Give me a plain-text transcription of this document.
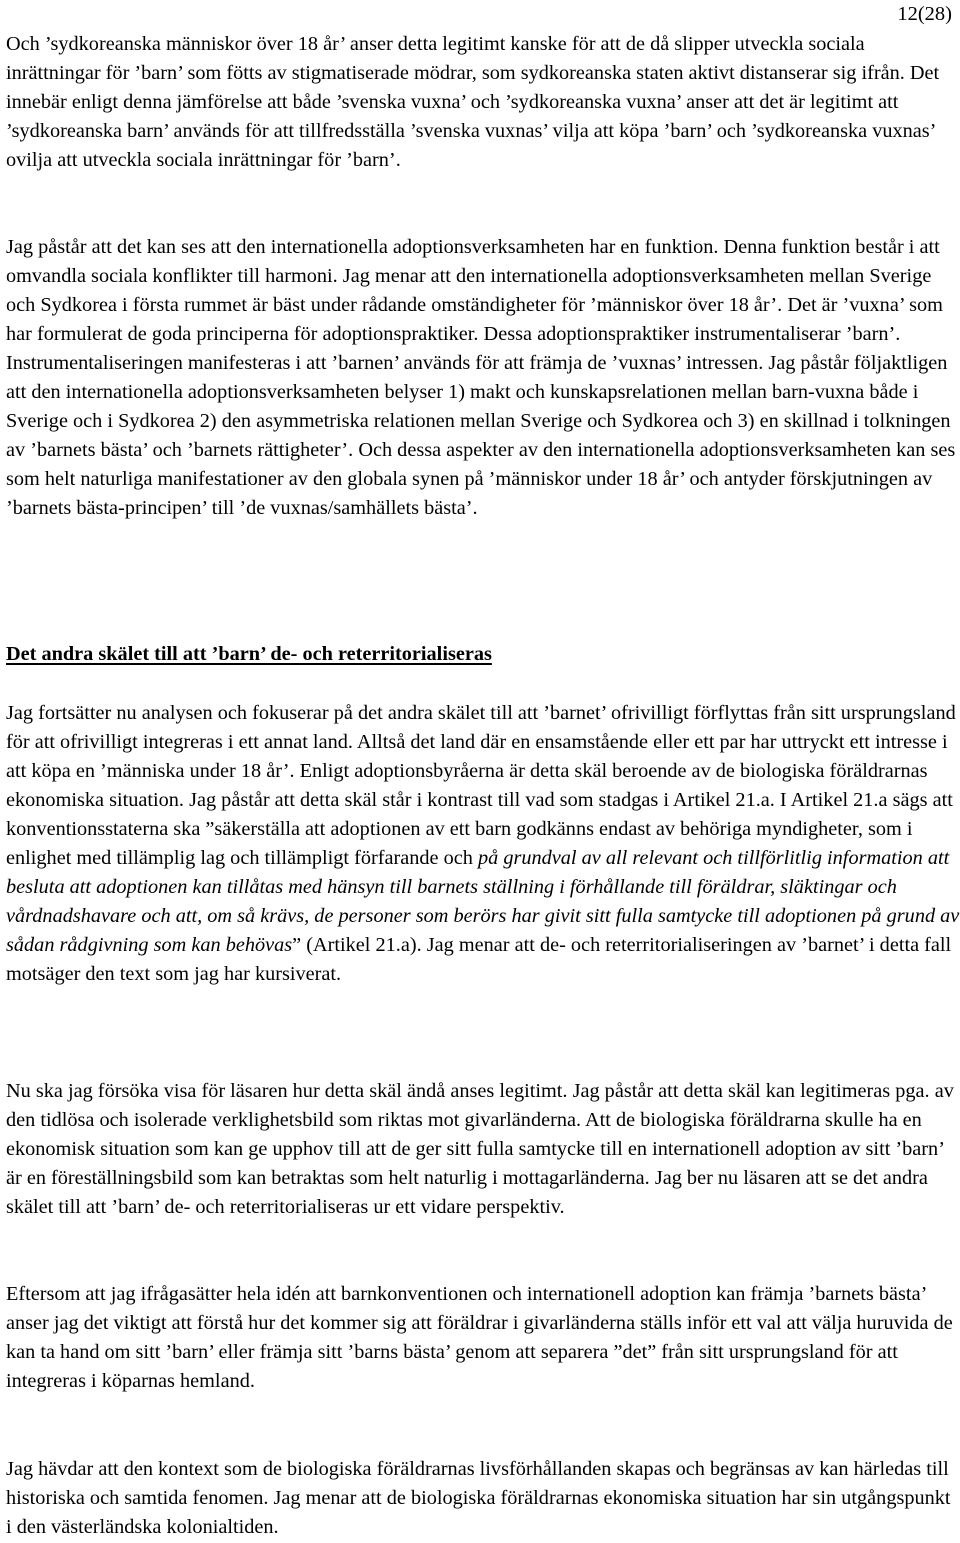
12(28)

Och ’sydkoreanska människor över 18 år’ anser detta legitimt kanske för att de då slipper utveckla sociala inrättningar för ’barn’ som fötts av stigmatiserade mödrar, som sydkoreanska staten aktivt distanserar sig ifrån. Det innebär enligt denna jämförelse att både ’svenska vuxna’ och ’sydkoreanska vuxna’ anser att det är legitimt att ’sydkoreanska barn’ används för att tillfredsställa ’svenska vuxnas’ vilja att köpa ’barn’ och ’sydkoreanska vuxnas’ ovilja att utveckla sociala inrättningar för ’barn’.

Jag påstår att det kan ses att den internationella adoptionsverksamheten har en funktion. Denna funktion består i att omvandla sociala konflikter till harmoni. Jag menar att den internationella adoptionsverksamheten mellan Sverige och Sydkorea i första rummet är bäst under rådande omständigheter för ’människor över 18 år’. Det är ’vuxna’ som har formulerat de goda principerna för adoptionspraktiker. Dessa adoptionspraktiker instrumentaliserar ’barn’. Instrumentaliseringen manifesteras i att ’barnen’ används för att främja de ’vuxnas’ intressen. Jag påstår följaktligen att den internationella adoptionsverksamheten belyser 1) makt och kunskapsrelationen mellan barn-vuxna både i Sverige och i Sydkorea 2) den asymmetriska relationen mellan Sverige och Sydkorea och 3) en skillnad i tolkningen av ’barnets bästa’ och ’barnets rättigheter’. Och dessa aspekter av den internationella adoptionsverksamheten kan ses som helt naturliga manifestationer av den globala synen på ’människor under 18 år’ och antyder förskjutningen av ’barnets bästa-principen’ till ’de vuxnas/samhällets bästa’.

Det andra skälet till att ’barn’ de- och reterritorialiseras

Jag fortsätter nu analysen och fokuserar på det andra skälet till att ’barnet’ ofrivilligt förflyttas från sitt ursprungsland för att ofrivilligt integreras i ett annat land. Alltså det land där en ensamstående eller ett par har uttryckt ett intresse i att köpa en ’människa under 18 år’. Enligt adoptionsbyråerna är detta skäl beroende av de biologiska föräldrarnas ekonomiska situation. Jag påstår att detta skäl står i kontrast till vad som stadgas i Artikel 21.a. I Artikel 21.a sägs att konventionsstaterna ska ”säkerställa att adoptionen av ett barn godkänns endast av behöriga myndigheter, som i enlighet med tillämplig lag och tillämpligt förfarande och på grundval av all relevant och tillförlitlig information att besluta att adoptionen kan tillåtas med hänsyn till barnets ställning i förhållande till föräldrar, släktingar och vårdnadshavare och att, om så krävs, de personer som berörs har givit sitt fulla samtycke till adoptionen på grund av sådan rådgivning som kan behövas” (Artikel 21.a). Jag menar att de- och reterritorialiseringen av ’barnet’ i detta fall motsäger den text som jag har kursiverat.

Nu ska jag försöka visa för läsaren hur detta skäl ändå anses legitimt. Jag påstår att detta skäl kan legitimeras pga. av den tidlösa och isolerade verklighetsbild som riktas mot givarländerna. Att de biologiska föräldrarna skulle ha en ekonomisk situation som kan ge upphov till att de ger sitt fulla samtycke till en internationell adoption av sitt ’barn’ är en föreställningsbild som kan betraktas som helt naturlig i mottagarländerna. Jag ber nu läsaren att se det andra skälet till att ’barn’ de- och reterritorialiseras ur ett vidare perspektiv.

Eftersom att jag ifrågasätter hela idén att barnkonventionen och internationell adoption kan främja ’barnets bästa’ anser jag det viktigt att förstå hur det kommer sig att föräldrar i givarländerna ställs inför ett val att välja huruvida de kan ta hand om sitt ’barn’ eller främja sitt ’barns bästa’ genom att separera ”det” från sitt ursprungsland för att integreras i köparnas hemland.

Jag hävdar att den kontext som de biologiska föräldrarnas livsförhållanden skapas och begränsas av kan härledas till historiska och samtida fenomen. Jag menar att de biologiska föräldrarnas ekonomiska situation har sin utgångspunkt i den västerländska kolonialtiden.
